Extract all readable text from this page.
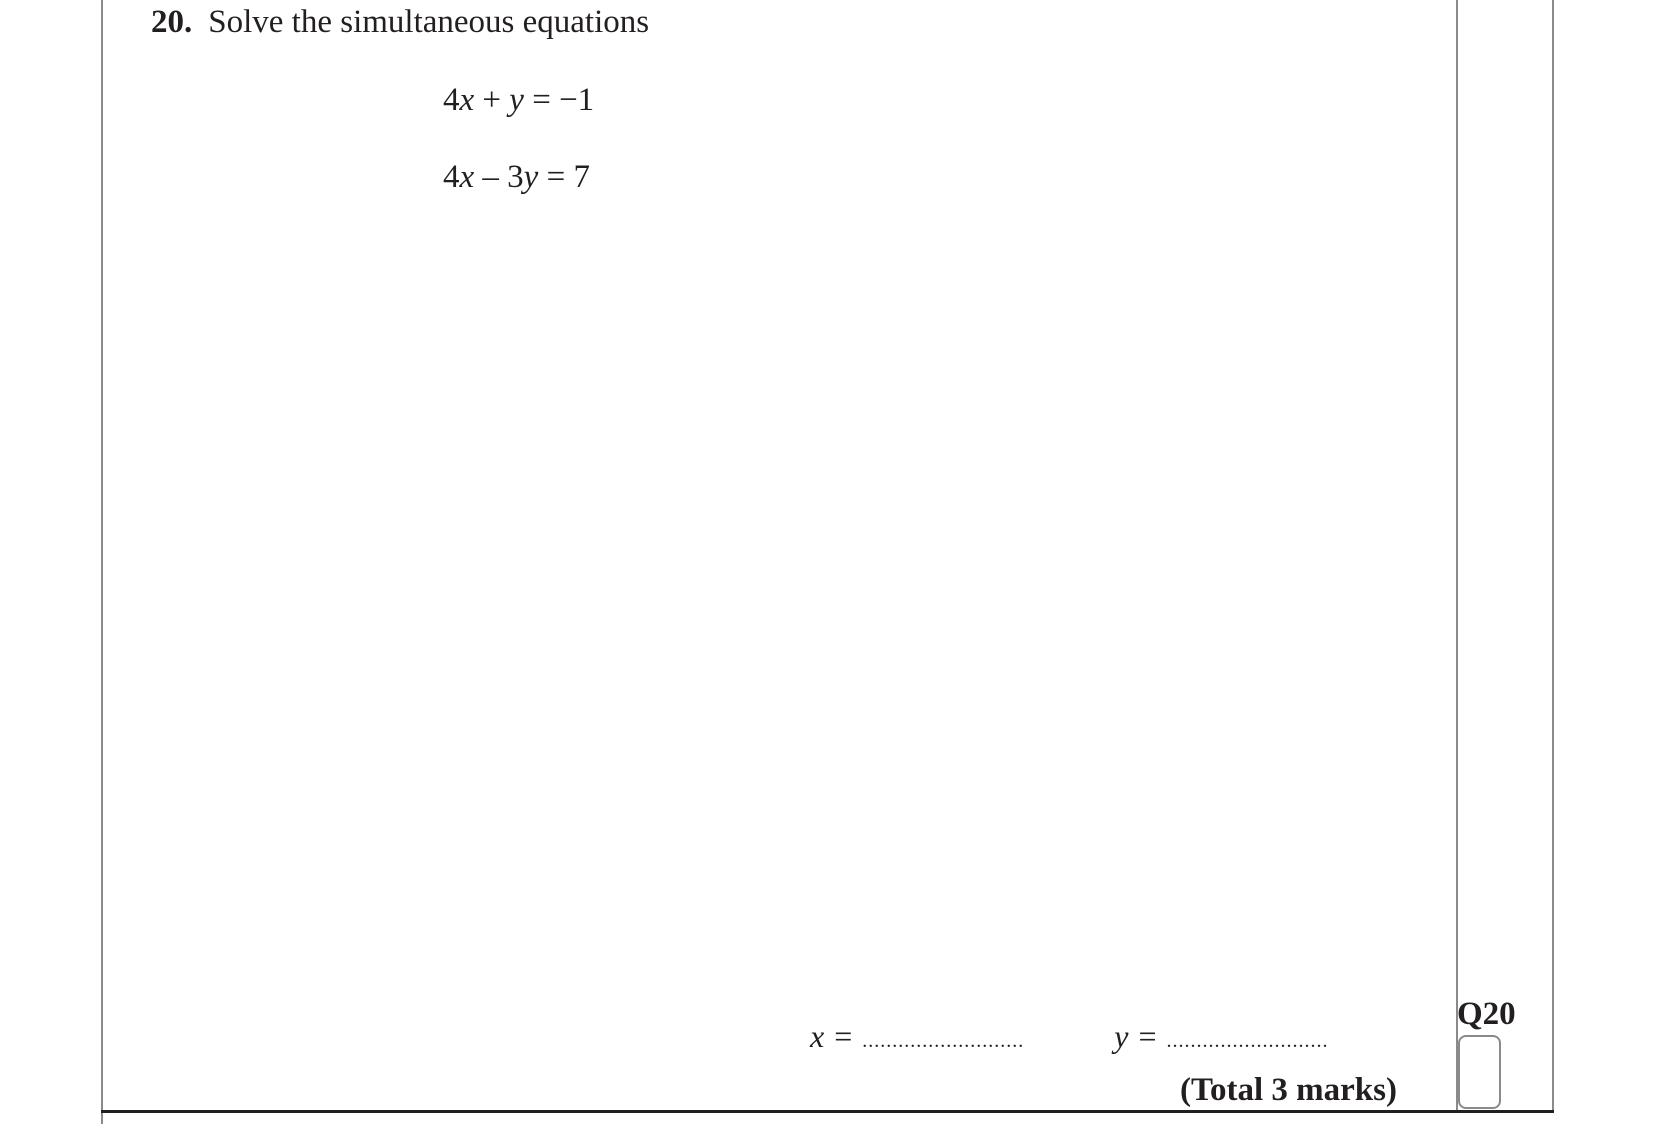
20. Solve the simultaneous equations
4x + y = −1
4x – 3y = 7
x = ...........................	y = ...........................
(Total 3 marks)
Q20
